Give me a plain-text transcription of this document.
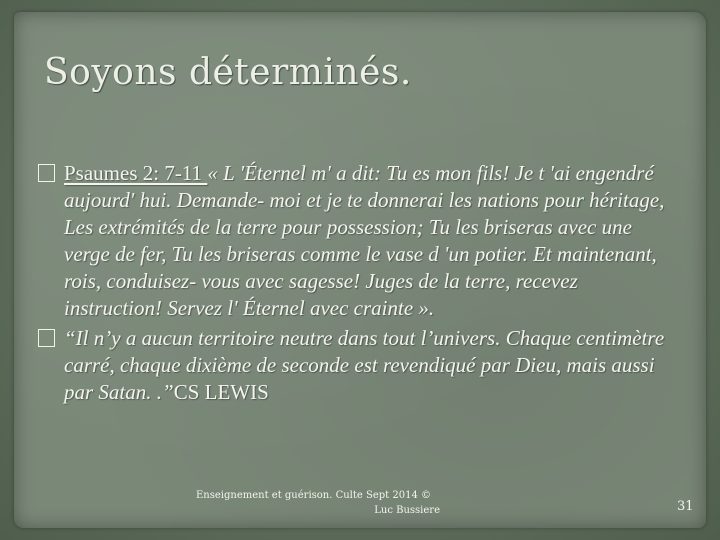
Soyons déterminés.

Psaumes 2: 7-11 « L 'Éternel m' a dit: Tu es mon fils! Je t 'ai engendré aujourd' hui. Demande- moi et je te donnerai les nations pour héritage, Les extrémités de la terre pour possession; Tu les briseras avec une verge de fer, Tu les briseras comme le vase d 'un potier. Et maintenant, rois, conduisez- vous avec sagesse! Juges de la terre, recevez instruction! Servez l' Éternel avec crainte ».

“Il n’y a aucun territoire neutre dans tout l’univers. Chaque centimètre carré, chaque dixième de seconde est revendiqué par Dieu, mais aussi par Satan. .”CS LEWIS

Enseignement et guérison. Culte Sept 2014 ©
Luc Bussiere	31
